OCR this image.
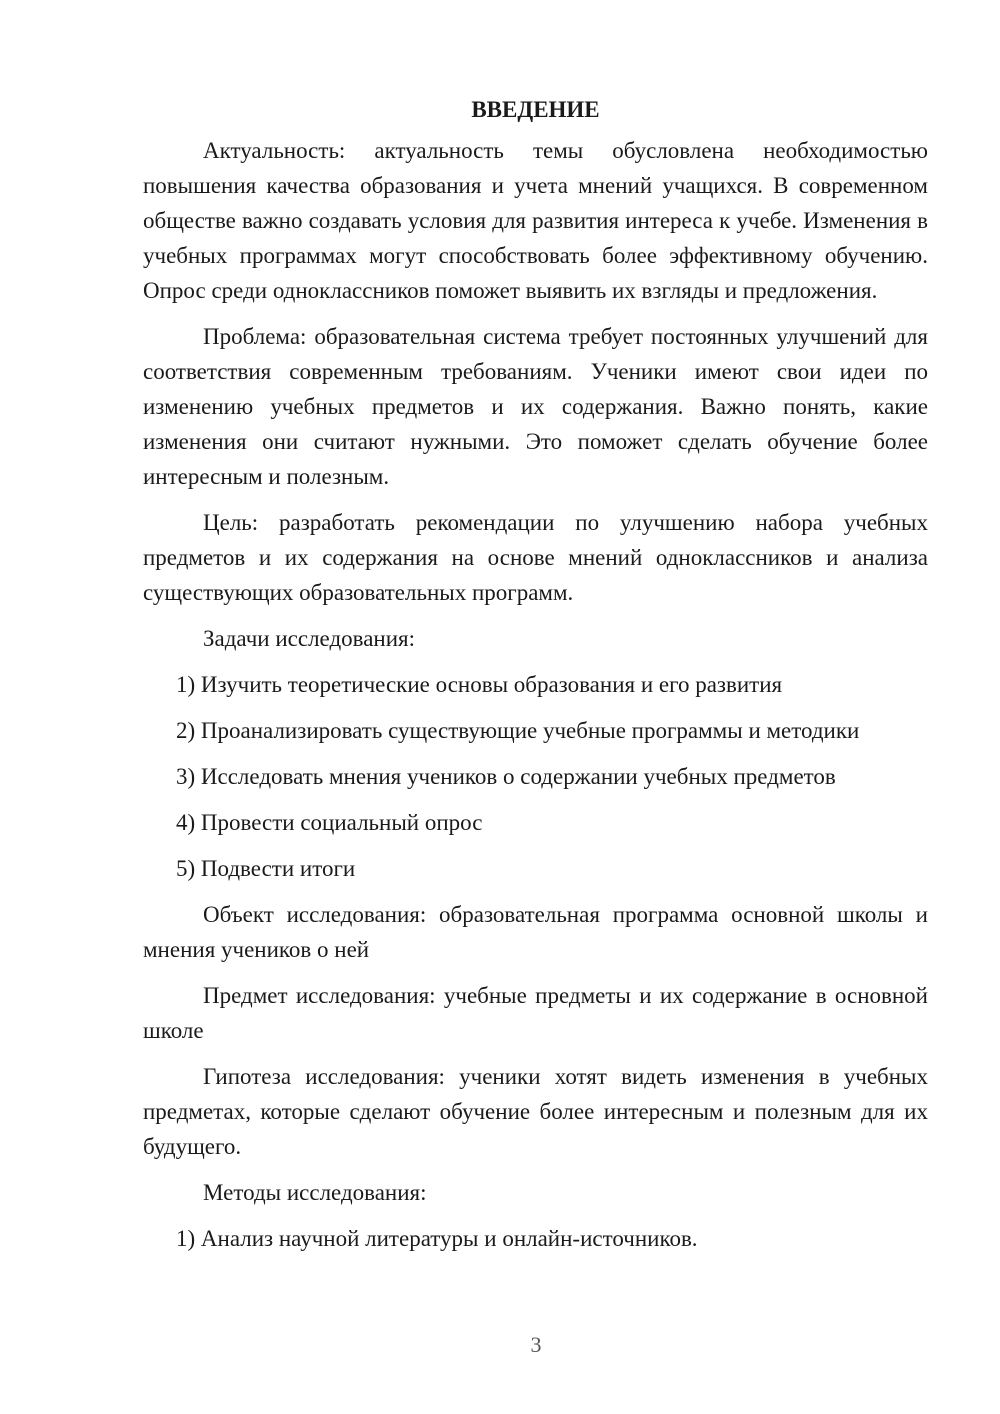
ВВЕДЕНИЕ

Актуальность: актуальность темы обусловлена необходимостью повышения качества образования и учета мнений учащихся. В современном обществе важно создавать условия для развития интереса к учебе. Изменения в учебных программах могут способствовать более эффективному обучению. Опрос среди одноклассников поможет выявить их взгляды и предложения.

Проблема: образовательная система требует постоянных улучшений для соответствия современным требованиям. Ученики имеют свои идеи по изменению учебных предметов и их содержания. Важно понять, какие изменения они считают нужными. Это поможет сделать обучение более интересным и полезным.

Цель: разработать рекомендации по улучшению набора учебных предметов и их содержания на основе мнений одноклассников и анализа существующих образовательных программ.

Задачи исследования:

1) Изучить теоретические основы образования и его развития

2) Проанализировать существующие учебные программы и методики

3) Исследовать мнения учеников о содержании учебных предметов

4) Провести социальный опрос

5) Подвести итоги

Объект исследования: образовательная программа основной школы и мнения учеников о ней

Предмет исследования: учебные предметы и их содержание в основной школе

Гипотеза исследования: ученики хотят видеть изменения в учебных предметах, которые сделают обучение более интересным и полезным для их будущего.

Методы исследования:

1) Анализ научной литературы и онлайн-источников.

3
